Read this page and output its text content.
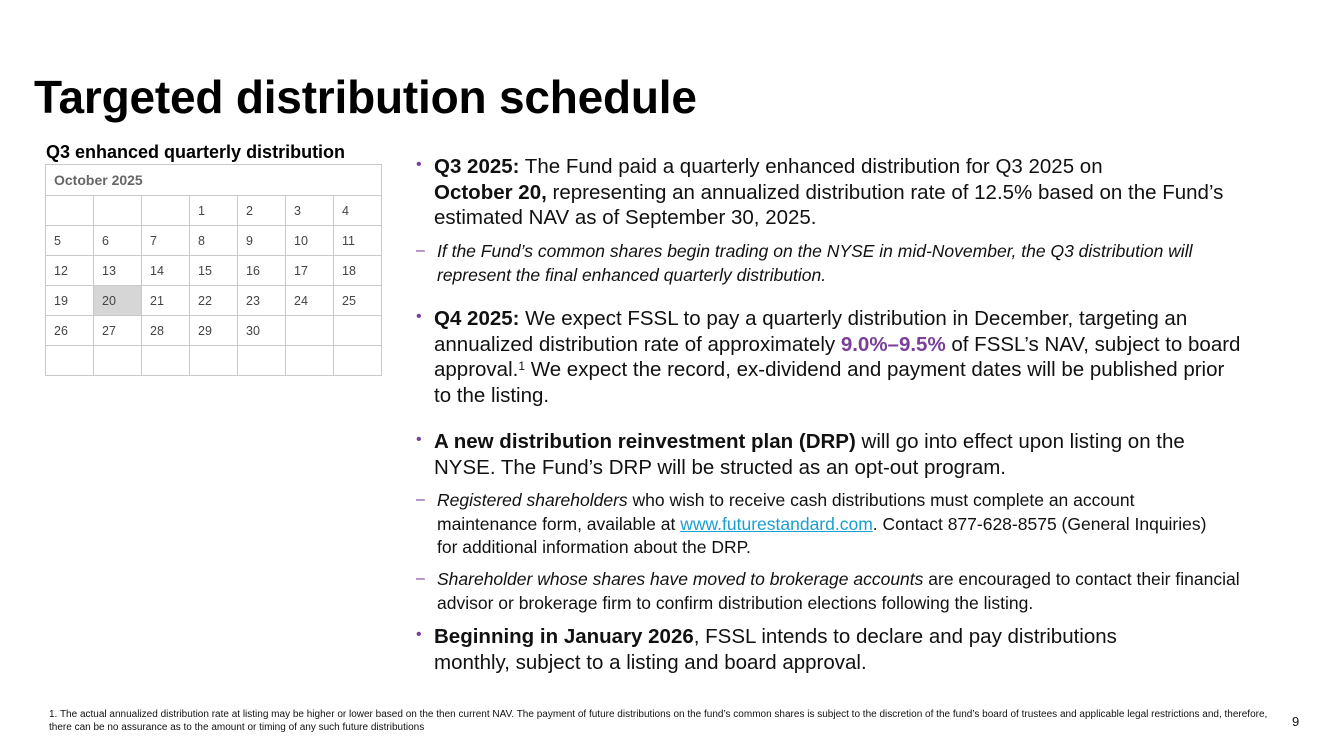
Targeted distribution schedule
Q3 enhanced quarterly distribution
October 2025						
			1	2	3	4
5	6	7	8	9	10	11
12	13	14	15	16	17	18
19	20	21	22	23	24	25
26	27	28	29	30		

• Q3 2025: The Fund paid a quarterly enhanced distribution for Q3 2025 on
October 20, representing an annualized distribution rate of 12.5% based on the Fund’s estimated NAV as of September 30, 2025.
– If the Fund’s common shares begin trading on the NYSE in mid-November, the Q3 distribution will represent the final enhanced quarterly distribution.
• Q4 2025: We expect FSSL to pay a quarterly distribution in December, targeting an annualized distribution rate of approximately 9.0%–9.5% of FSSL’s NAV, subject to board approval.$^1$ We expect the record, ex-dividend and payment dates will be published prior to the listing.
• A new distribution reinvestment plan (DRP) will go into effect upon listing on the NYSE. The Fund’s DRP will be structed as an opt-out program.
– Registered shareholders who wish to receive cash distributions must complete an account maintenance form, available at www.futurestandard.com. Contact 877-628-8575 (General Inquiries) for additional information about the DRP.
– Shareholder whose shares have moved to brokerage accounts are encouraged to contact their financial advisor or brokerage firm to confirm distribution elections following the listing.
• Beginning in January 2026, FSSL intends to declare and pay distributions monthly, subject to a listing and board approval.
1. The actual annualized distribution rate at listing may be higher or lower based on the then current NAV. The payment of future distributions on the fund’s common shares is subject to the discretion of the fund’s board of trustees and applicable legal restrictions and, therefore, there can be no assurance as to the amount or timing of any such future distributions	9
